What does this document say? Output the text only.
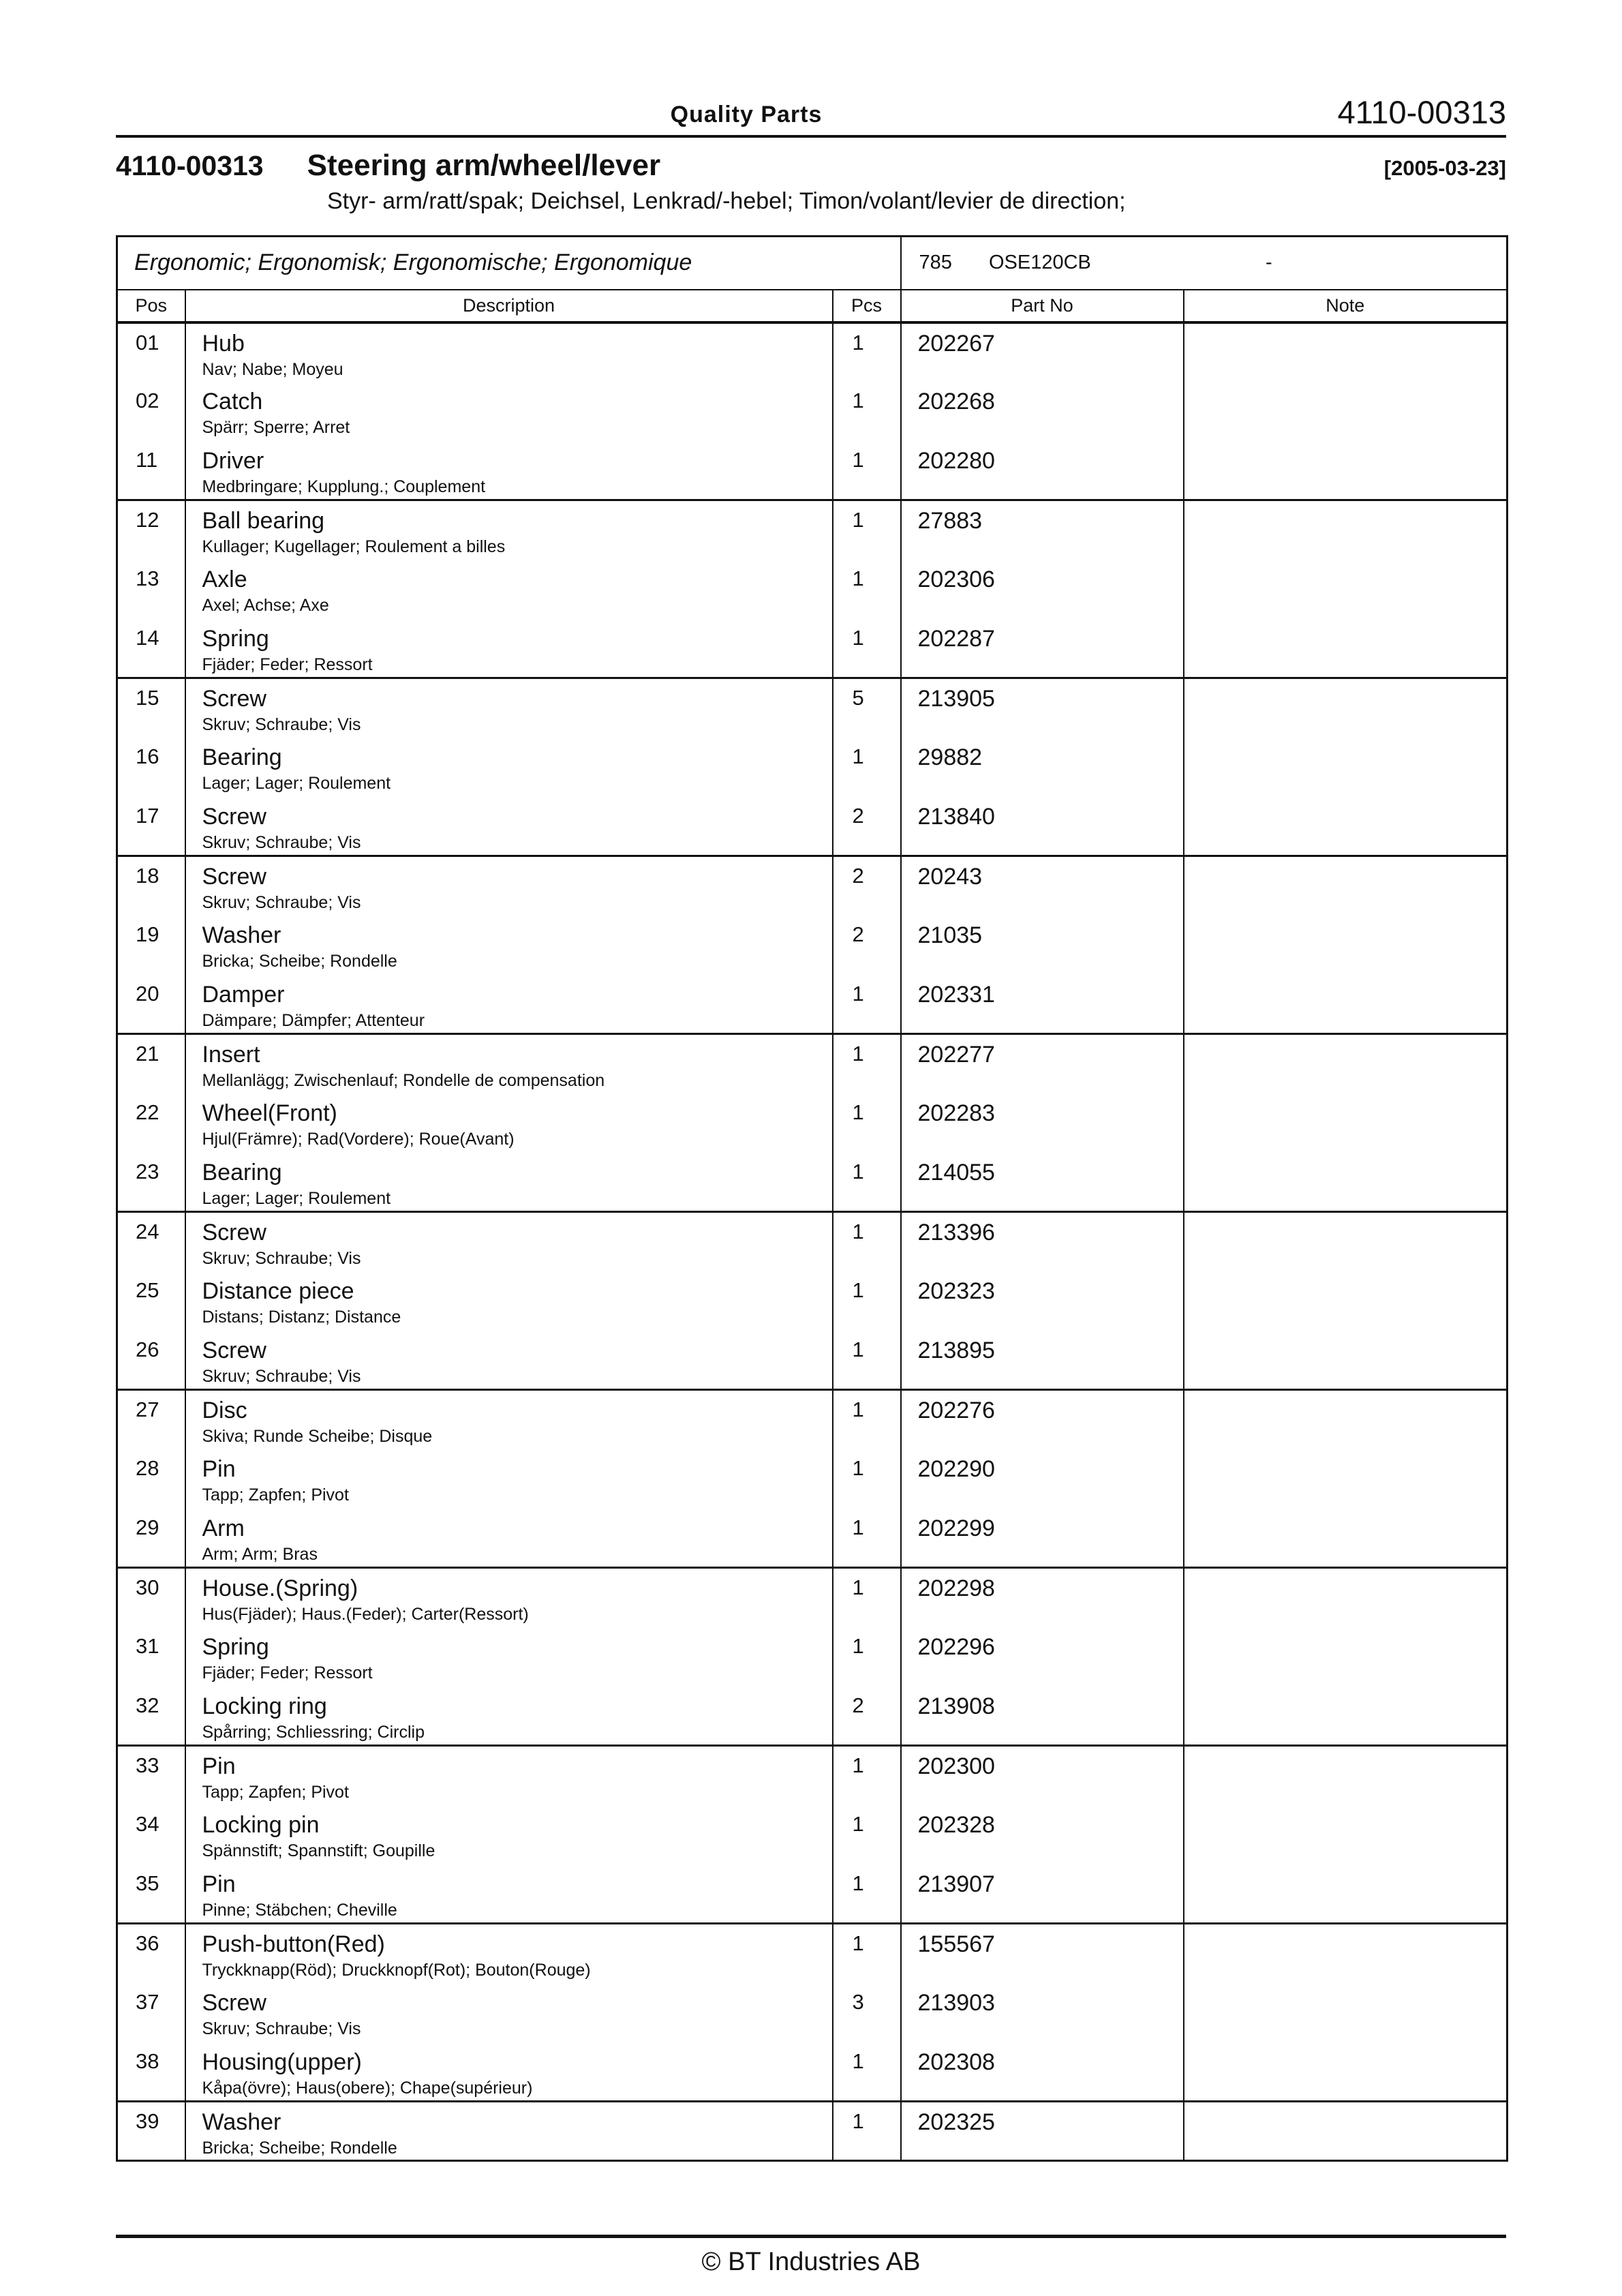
Quality Parts	4110-00313
4110-00313 Steering arm/wheel/lever	[2005-03-23]
Styr- arm/ratt/spak; Deichsel, Lenkrad/-hebel; Timon/volant/levier de direction;
Ergonomic; Ergonomisk; Ergonomische; Ergonomique			785 OSE120CB -	
Pos	Description	Pcs	Part No	Note
01	Hub
Nav; Nabe; Moyeu	1	202267	
02	Catch
Spärr; Sperre; Arret	1	202268	
11	Driver
Medbringare; Kupplung.; Couplement	1	202280	
12	Ball bearing
Kullager; Kugellager; Roulement a billes	1	27883	
13	Axle
Axel; Achse; Axe	1	202306	
14	Spring
Fjäder; Feder; Ressort	1	202287	
15	Screw
Skruv; Schraube; Vis	5	213905	
16	Bearing
Lager; Lager; Roulement	1	29882	
17	Screw
Skruv; Schraube; Vis	2	213840	
18	Screw
Skruv; Schraube; Vis	2	20243	
19	Washer
Bricka; Scheibe; Rondelle	2	21035	
20	Damper
Dämpare; Dämpfer; Attenteur	1	202331	
21	Insert
Mellanlägg; Zwischenlauf; Rondelle de compensation	1	202277	
22	Wheel(Front)
Hjul(Främre); Rad(Vordere); Roue(Avant)	1	202283	
23	Bearing
Lager; Lager; Roulement	1	214055	
24	Screw
Skruv; Schraube; Vis	1	213396	
25	Distance piece
Distans; Distanz; Distance	1	202323	
26	Screw
Skruv; Schraube; Vis	1	213895	
27	Disc
Skiva; Runde Scheibe; Disque	1	202276	
28	Pin
Tapp; Zapfen; Pivot	1	202290	
29	Arm
Arm; Arm; Bras	1	202299	
30	House.(Spring)
Hus(Fjäder); Haus.(Feder); Carter(Ressort)	1	202298	
31	Spring
Fjäder; Feder; Ressort	1	202296	
32	Locking ring
Spårring; Schliessring; Circlip	2	213908	
33	Pin
Tapp; Zapfen; Pivot	1	202300	
34	Locking pin
Spännstift; Spannstift; Goupille	1	202328	
35	Pin
Pinne; Stäbchen; Cheville	1	213907	
36	Push-button(Red)
Tryckknapp(Röd); Druckknopf(Rot); Bouton(Rouge)	1	155567	
37	Screw
Skruv; Schraube; Vis	3	213903	
38	Housing(upper)
Kåpa(övre); Haus(obere); Chape(supérieur)	1	202308	
39	Washer
Bricka; Scheibe; Rondelle	1	202325	
© BT Industries AB
